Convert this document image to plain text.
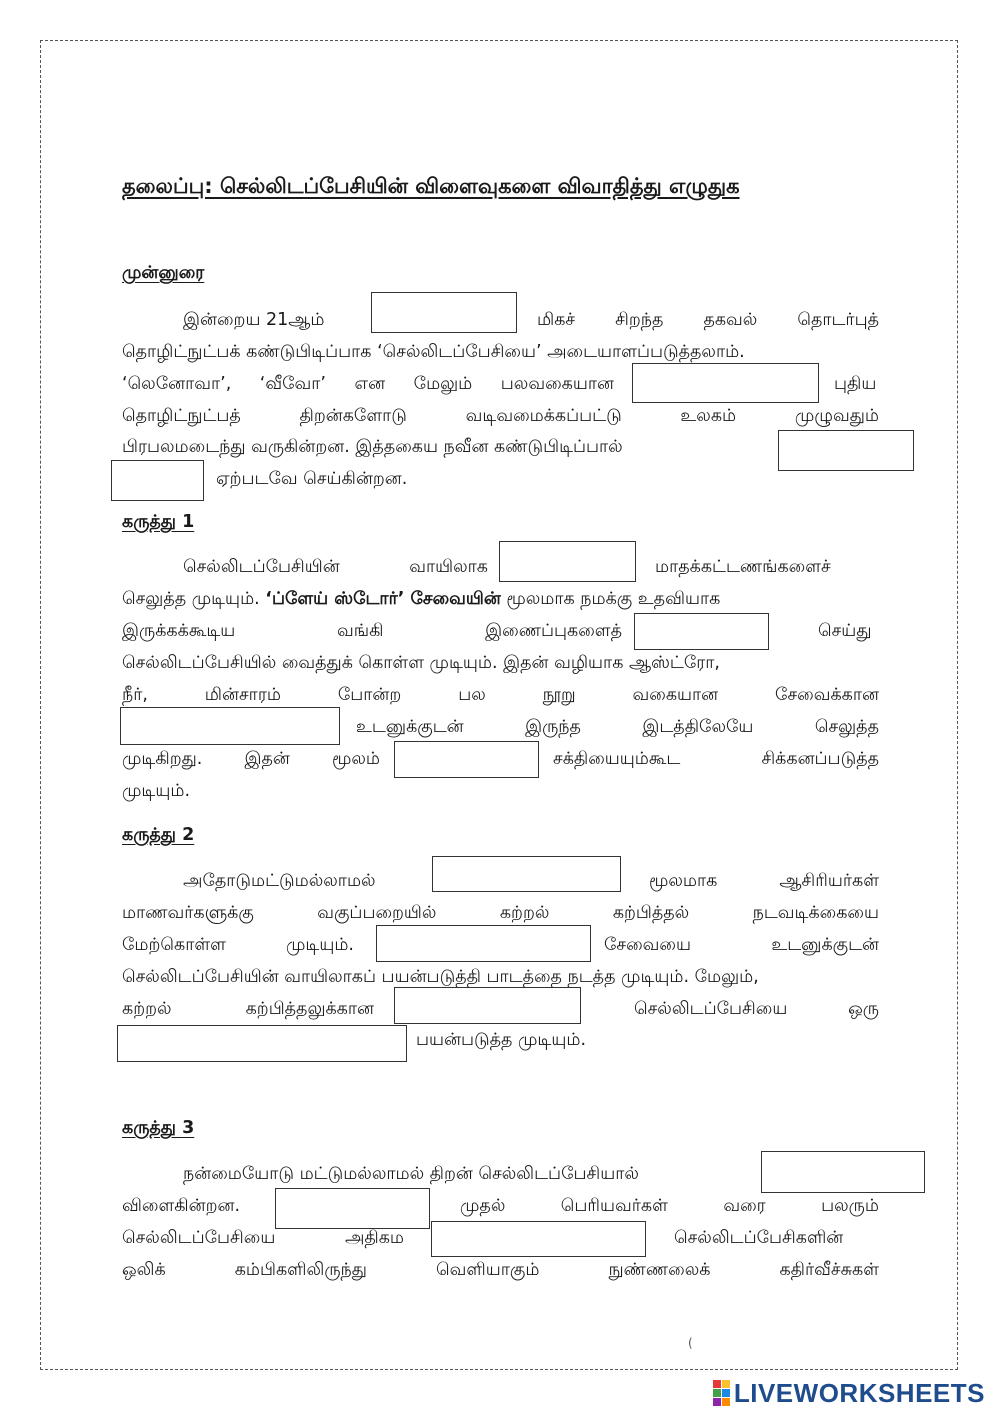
தலைப்பு: செல்லிடப்பேசியின் விளைவுகளை விவாதித்து எழுதுக
முன்னுரை
இன்றைய 21ஆம்	மிகச் சிறந்த தகவல் தொடர்புத்
தொழிட்நுட்பக் கண்டுபிடிப்பாக ‘செல்லிடப்பேசியை’ அடையாளப்படுத்தலாம்.
‘லெனோவா’, ‘வீவோ’ என மேலும் பலவகையான	புதிய
தொழிட்நுட்பத்	திறன்களோடு	வடிவமைக்கப்பட்டு	உலகம்	முழுவதும்
பிரபலமடைந்து வருகின்றன. இத்தகைய நவீன கண்டுபிடிப்பால்
ஏற்படவே செய்கின்றன.
கருத்து 1
செல்லிடப்பேசியின்	வாயிலாக	மாதக்கட்டணங்களைச்
செலுத்த முடியும். ‘ப்ளேய் ஸ்டோர்’ சேவையின் மூலமாக நமக்கு உதவியாக
இருக்கக்கூடிய	வங்கி	இணைப்புகளைத்	செய்து
செல்லிடப்பேசியில் வைத்துக் கொள்ள முடியும். இதன் வழியாக ஆஸ்ட்ரோ,
நீர்,	மின்சாரம்	போன்ற	பல	நூறு	வகையான	சேவைக்கான
உடனுக்குடன்	இருந்த	இடத்திலேயே	செலுத்த
முடிகிறது. இதன் மூலம்	சக்தியையும்கூட	சிக்கனப்படுத்த
முடியும்.
கருத்து 2
அதோடுமட்டுமல்லாமல்	மூலமாக	ஆசிரியர்கள்
மாணவர்களுக்கு	வகுப்பறையில்	கற்றல்	கற்பித்தல்	நடவடிக்கையை
மேற்கொள்ள	முடியும்.	சேவையை	உடனுக்குடன்
செல்லிடப்பேசியின் வாயிலாகப் பயன்படுத்தி பாடத்தை நடத்த முடியும். மேலும்,
கற்றல்	கற்பித்தலுக்கான	செல்லிடப்பேசியை	ஒரு
பயன்படுத்த முடியும்.
கருத்து 3
நன்மையோடு மட்டுமல்லாமல் திறன் செல்லிடப்பேசியால்
விளைகின்றன.	முதல்	பெரியவர்கள்	வரை	பலரும்
செல்லிடப்பேசியை	அதிகம	செல்லிடப்பேசிகளின்
ஒலிக்	கம்பிகளிலிருந்து	வெளியாகும்	நுண்ணலைக்	கதிர்வீச்சுகள்
(
LIVEWORKSHEETS
